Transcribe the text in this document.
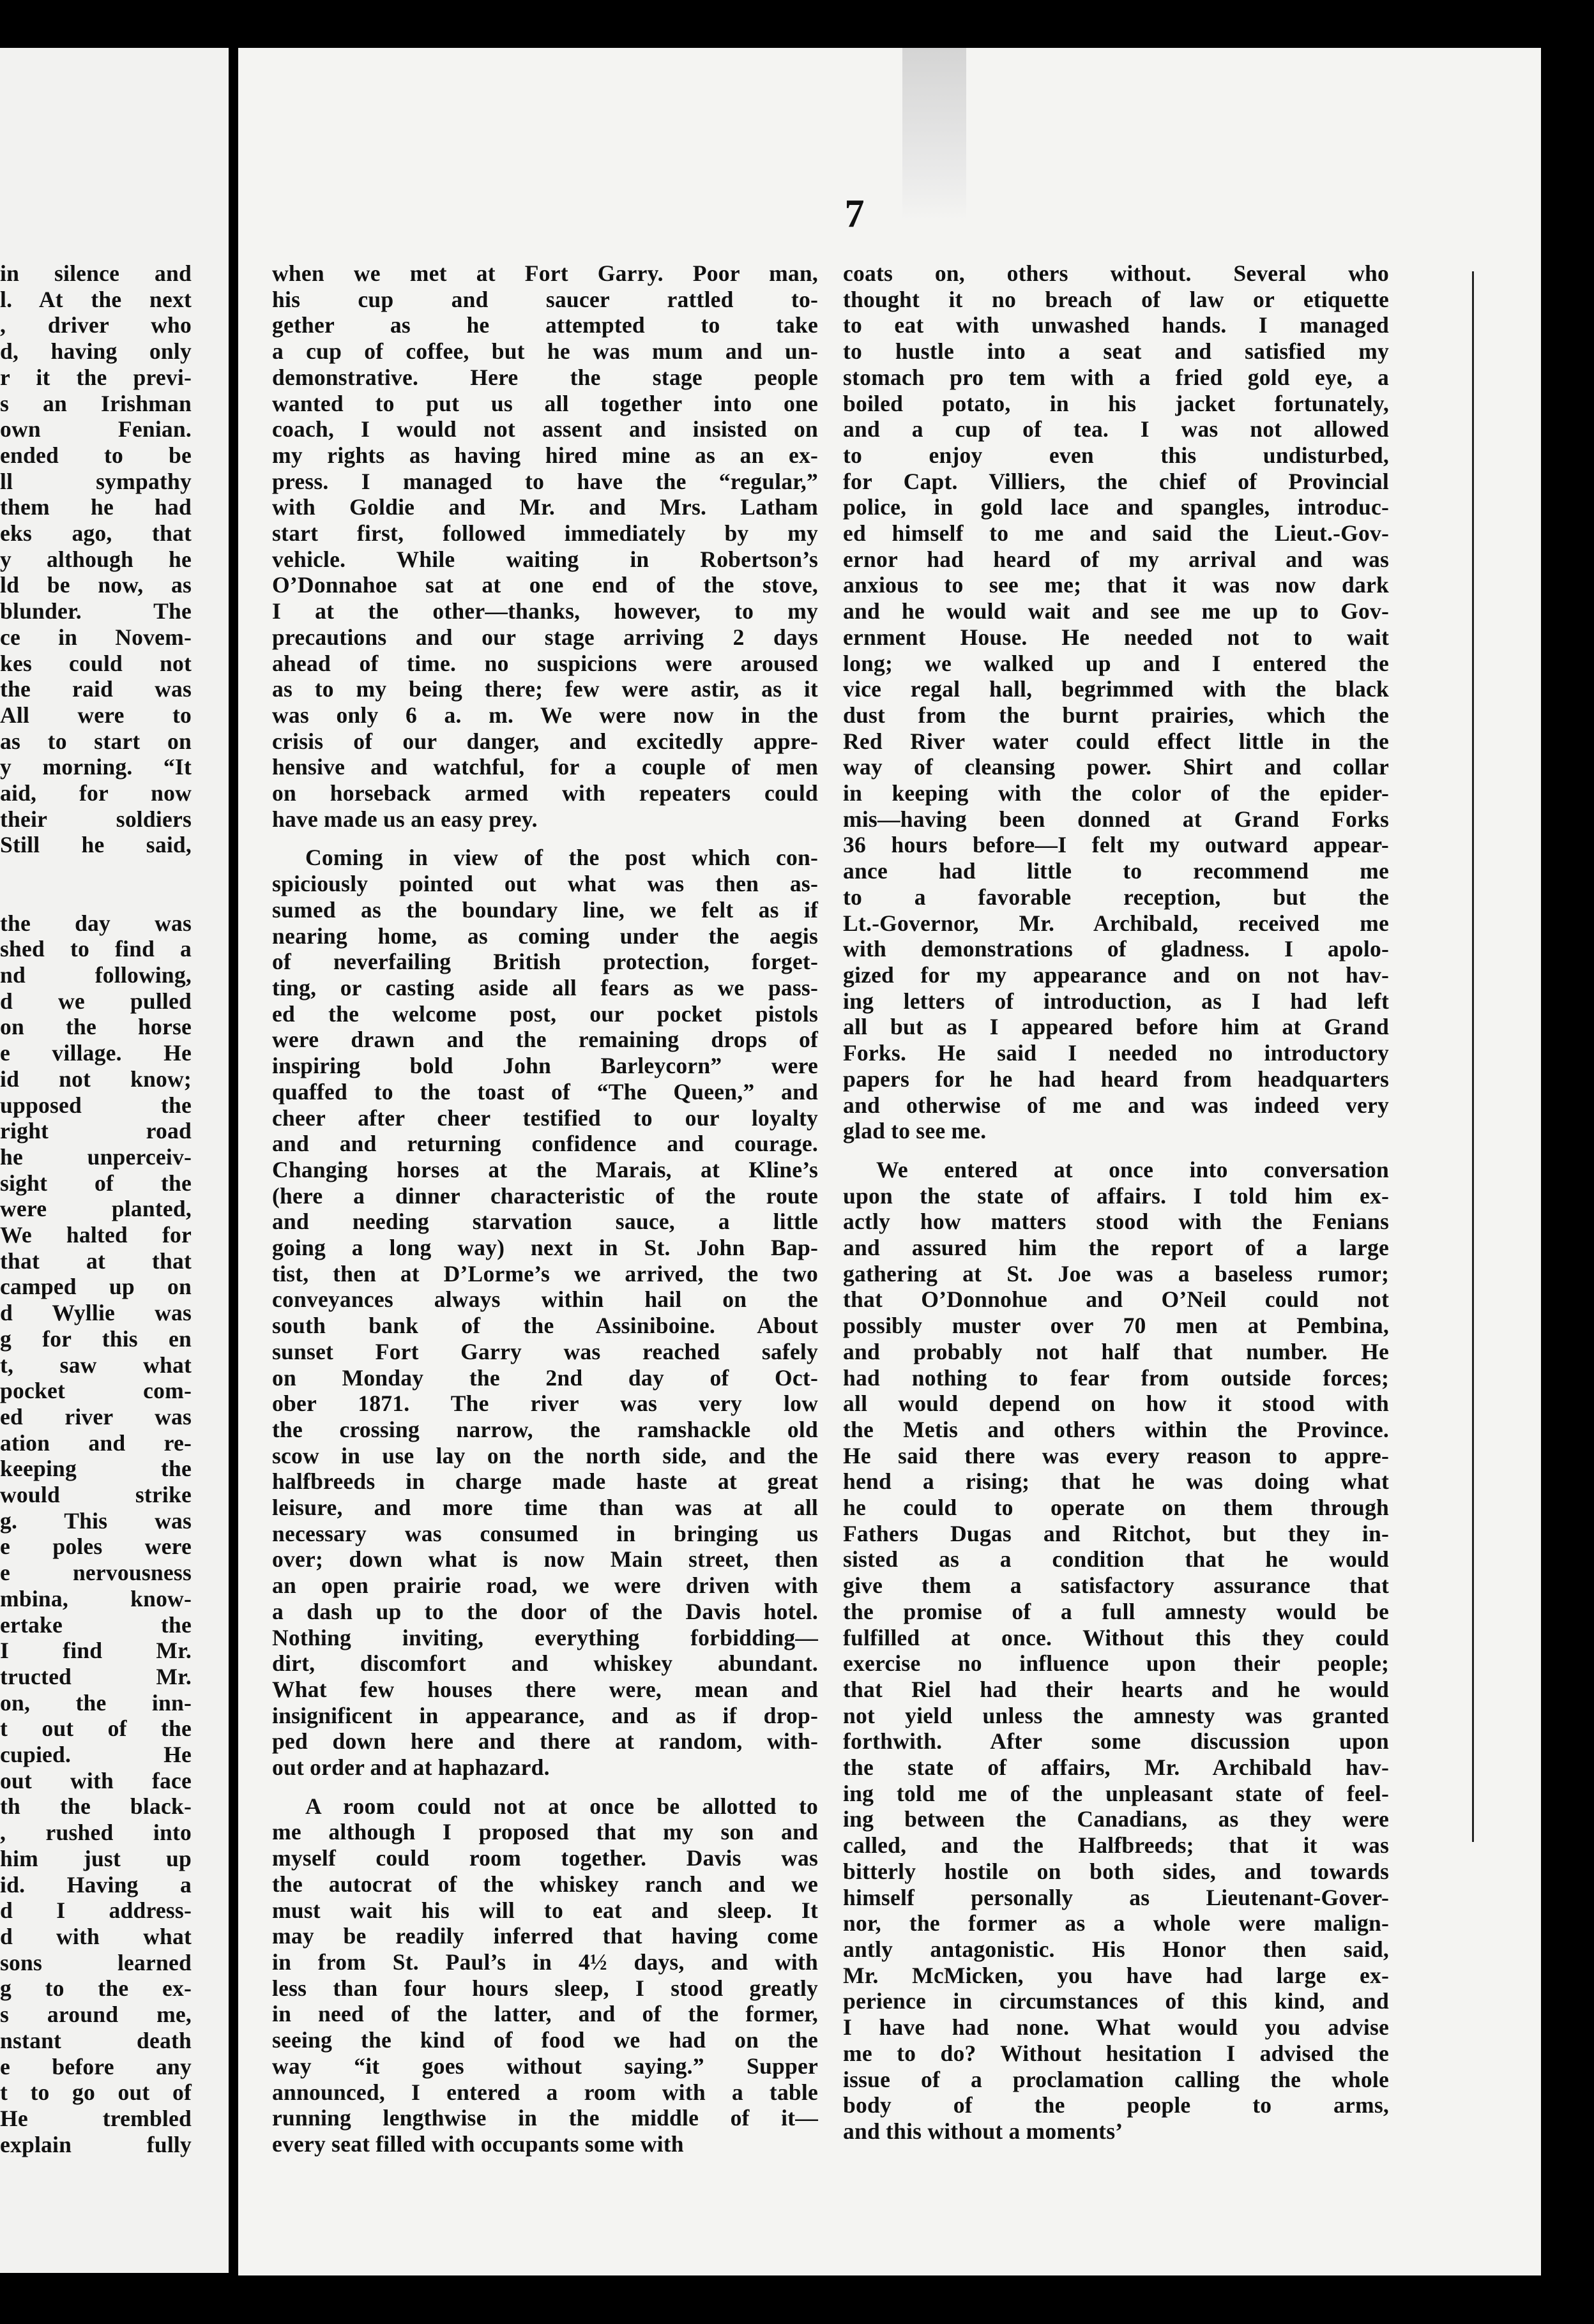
in silence and
l. At the next
, driver who
d, having only
r it the previ-
s an Irishman
own Fenian.
ended to be
ll sympathy
them he had
eks ago, that
y although he
ld be now, as
blunder. The
ce in Novem-
kes could not
the raid was
All were to
as to start on
y morning. “It
aid, for now
their soldiers
Still he said,

the day was
shed to find a
nd following,
d we pulled
on the horse
e village. He
id not know;
upposed the
right road
he unperceiv-
sight of the
were planted,
We halted for
that at that
camped up on
d Wyllie was
g for this en
t, saw what
pocket com-
ed river was
ation and re-
keeping the
would strike
g. This was
e poles were
e nervousness
mbina, know-
ertake the
I find Mr.
tructed Mr.
on, the inn-
t out of the
cupied. He
out with face
th the black-
, rushed into
him just up
id. Having a
d I address-
d with what
sons learned
g to the ex-
s around me,
nstant death
e before any
t to go out of
He trembled
explain fully
7
when we met at Fort Garry. Poor man,
his cup and saucer rattled to-
gether as he attempted to take
a cup of coffee, but he was mum and un-
demonstrative. Here the stage people
wanted to put us all together into one
coach, I would not assent and insisted on
my rights as having hired mine as an ex-
press. I managed to have the “regular,”
with Goldie and Mr. and Mrs. Latham
start first, followed immediately by my
vehicle. While waiting in Robertson’s
O’Donnahoe sat at one end of the stove,
I at the other—thanks, however, to my
precautions and our stage arriving 2 days
ahead of time. no suspicions were aroused
as to my being there; few were astir, as it
was only 6 a. m. We were now in the
crisis of our danger, and excitedly appre-
hensive and watchful, for a couple of men
on horseback armed with repeaters could
have made us an easy prey.
Coming in view of the post which con-
spiciously pointed out what was then as-
sumed as the boundary line, we felt as if
nearing home, as coming under the aegis
of neverfailing British protection, forget-
ting, or casting aside all fears as we pass-
ed the welcome post, our pocket pistols
were drawn and the remaining drops of
inspiring bold John Barleycorn” were
quaffed to the toast of “The Queen,” and
cheer after cheer testified to our loyalty
and and returning confidence and courage.
Changing horses at the Marais, at Kline’s
(here a dinner characteristic of the route
and needing starvation sauce, a little
going a long way) next in St. John Bap-
tist, then at D’Lorme’s we arrived, the two
conveyances always within hail on the
south bank of the Assiniboine. About
sunset Fort Garry was reached safely
on Monday the 2nd day of Oct-
ober 1871. The river was very low
the crossing narrow, the ramshackle old
scow in use lay on the north side, and the
halfbreeds in charge made haste at great
leisure, and more time than was at all
necessary was consumed in bringing us
over; down what is now Main street, then
an open prairie road, we were driven with
a dash up to the door of the Davis hotel.
Nothing inviting, everything forbidding—
dirt, discomfort and whiskey abundant.
What few houses there were, mean and
insignificent in appearance, and as if drop-
ped down here and there at random, with-
out order and at haphazard.
A room could not at once be allotted to
me although I proposed that my son and
myself could room together. Davis was
the autocrat of the whiskey ranch and we
must wait his will to eat and sleep. It
may be readily inferred that having come
in from St. Paul’s in 4½ days, and with
less than four hours sleep, I stood greatly
in need of the latter, and of the former,
seeing the kind of food we had on the
way “it goes without saying.” Supper
announced, I entered a room with a table
running lengthwise in the middle of it—
every seat filled with occupants some with
coats on, others without. Several who
thought it no breach of law or etiquette
to eat with unwashed hands. I managed
to hustle into a seat and satisfied my
stomach pro tem with a fried gold eye, a
boiled potato, in his jacket fortunately,
and a cup of tea. I was not allowed
to enjoy even this undisturbed,
for Capt. Villiers, the chief of Provincial
police, in gold lace and spangles, introduc-
ed himself to me and said the Lieut.-Gov-
ernor had heard of my arrival and was
anxious to see me; that it was now dark
and he would wait and see me up to Gov-
ernment House. He needed not to wait
long; we walked up and I entered the
vice regal hall, begrimmed with the black
dust from the burnt prairies, which the
Red River water could effect little in the
way of cleansing power. Shirt and collar
in keeping with the color of the epider-
mis—having been donned at Grand Forks
36 hours before—I felt my outward appear-
ance had little to recommend me
to a favorable reception, but the
Lt.-Governor, Mr. Archibald, received me
with demonstrations of gladness. I apolo-
gized for my appearance and on not hav-
ing letters of introduction, as I had left
all but as I appeared before him at Grand
Forks. He said I needed no introductory
papers for he had heard from headquarters
and otherwise of me and was indeed very
glad to see me.
We entered at once into conversation
upon the state of affairs. I told him ex-
actly how matters stood with the Fenians
and assured him the report of a large
gathering at St. Joe was a baseless rumor;
that O’Donnohue and O’Neil could not
possibly muster over 70 men at Pembina,
and probably not half that number. He
had nothing to fear from outside forces;
all would depend on how it stood with
the Metis and others within the Province.
He said there was every reason to appre-
hend a rising; that he was doing what
he could to operate on them through
Fathers Dugas and Ritchot, but they in-
sisted as a condition that he would
give them a satisfactory assurance that
the promise of a full amnesty would be
fulfilled at once. Without this they could
exercise no influence upon their people;
that Riel had their hearts and he would
not yield unless the amnesty was granted
forthwith. After some discussion upon
the state of affairs, Mr. Archibald hav-
ing told me of the unpleasant state of feel-
ing between the Canadians, as they were
called, and the Halfbreeds; that it was
bitterly hostile on both sides, and towards
himself personally as Lieutenant-Gover-
nor, the former as a whole were malign-
antly antagonistic. His Honor then said,
Mr. McMicken, you have had large ex-
perience in circumstances of this kind, and
I have had none. What would you advise
me to do? Without hesitation I advised the
issue of a proclamation calling the whole
body of the people to arms,
and this without a moments’
